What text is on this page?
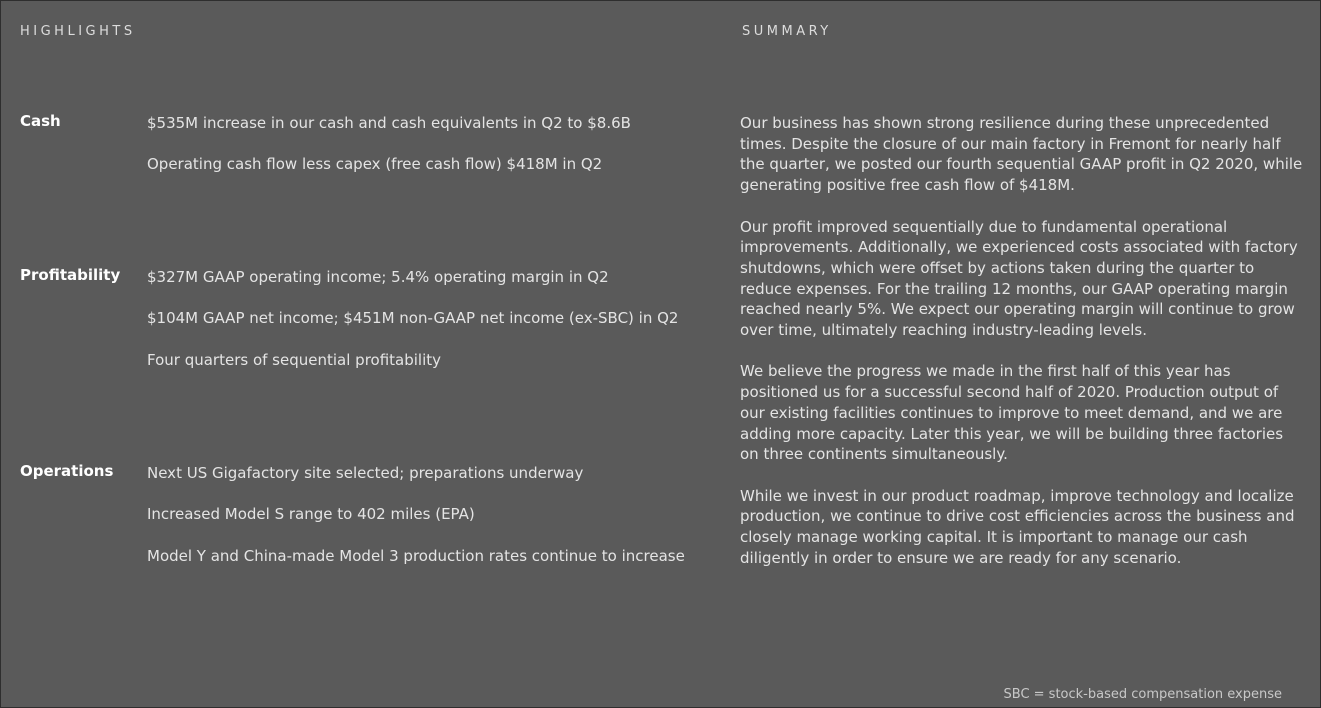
HIGHLIGHTS	SUMMARY
Cash	$535M increase in our cash and cash equivalents in Q2 to $8.6B
Operating cash flow less capex (free cash flow) $418M in Q2
Profitability $327M GAAP operating income; 5.4% operating margin in Q2
$104M GAAP net income; $451M non-GAAP net income (ex-SBC) in Q2
Four quarters of sequential profitability
Operations Next US Gigafactory site selected; preparations underway
Increased Model S range to 402 miles (EPA)
Model Y and China-made Model 3 production rates continue to increase

Our business has shown strong resilience during these unprecedented times. Despite the closure of our main factory in Fremont for nearly half the quarter, we posted our fourth sequential GAAP profit in Q2 2020, while generating positive free cash flow of $418M.

Our profit improved sequentially due to fundamental operational improvements. Additionally, we experienced costs associated with factory shutdowns, which were offset by actions taken during the quarter to reduce expenses. For the trailing 12 months, our GAAP operating margin reached nearly 5%. We expect our operating margin will continue to grow over time, ultimately reaching industry-leading levels.

We believe the progress we made in the first half of this year has positioned us for a successful second half of 2020. Production output of our existing facilities continues to improve to meet demand, and we are adding more capacity. Later this year, we will be building three factories on three continents simultaneously.

While we invest in our product roadmap, improve technology and localize production, we continue to drive cost efficiencies across the business and closely manage working capital. It is important to manage our cash diligently in order to ensure we are ready for any scenario.

SBC = stock-based compensation expense
